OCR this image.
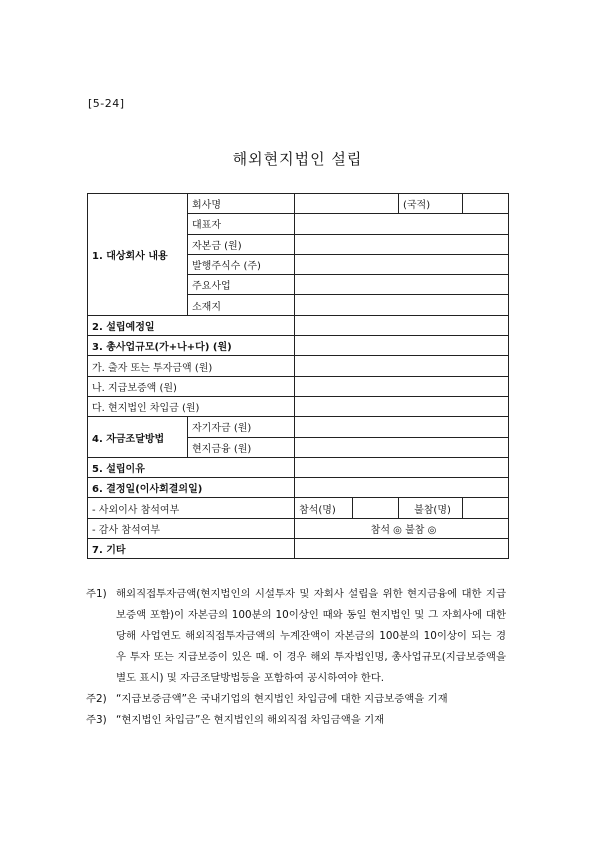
[5-24]
해외현지법인 설립
1. 대상회사 내용	회사명			(국적)	
	대표자				
	자본금 (원)				
	발행주식수 (주)				
	주요사업				
	소재지				
2. 설립예정일					
3. 총사업규모(가+나+다) (원)					
가. 출자 또는 투자금액 (원)					
나. 지급보증액 (원)					
다. 현지법인 차입금 (원)					
4. 자금조달방법	자기자금 (원)				
	현지금융 (원)				
5. 설립이유					
6. 결정일(이사회결의일)					
- 사외이사 참석여부		참석(명)		불참(명)	
- 감사 참석여부		참석 ◎ 불참 ◎			
7. 기타					
주1) 해외직접투자금액(현지법인의 시설투자 및 자회사 설립을 위한 현지금융에 대한 지급보증액 포함)이 자본금의 100분의 10이상인 때와 동일 현지법인 및 그 자회사에 대한 당해 사업연도 해외직접투자금액의 누계잔액이 자본금의 100분의 10이상이 되는 경우 투자 또는 지급보증이 있은 때. 이 경우 해외 투자법인명, 총사업규모(지급보증액을 별도 표시) 및 자금조달방법등을 포함하여 공시하여야 한다.
주2) “지급보증금액”은 국내기업의 현지법인 차입금에 대한 지급보증액을 기재
주3) “현지법인 차입금”은 현지법인의 해외직접 차입금액을 기재
